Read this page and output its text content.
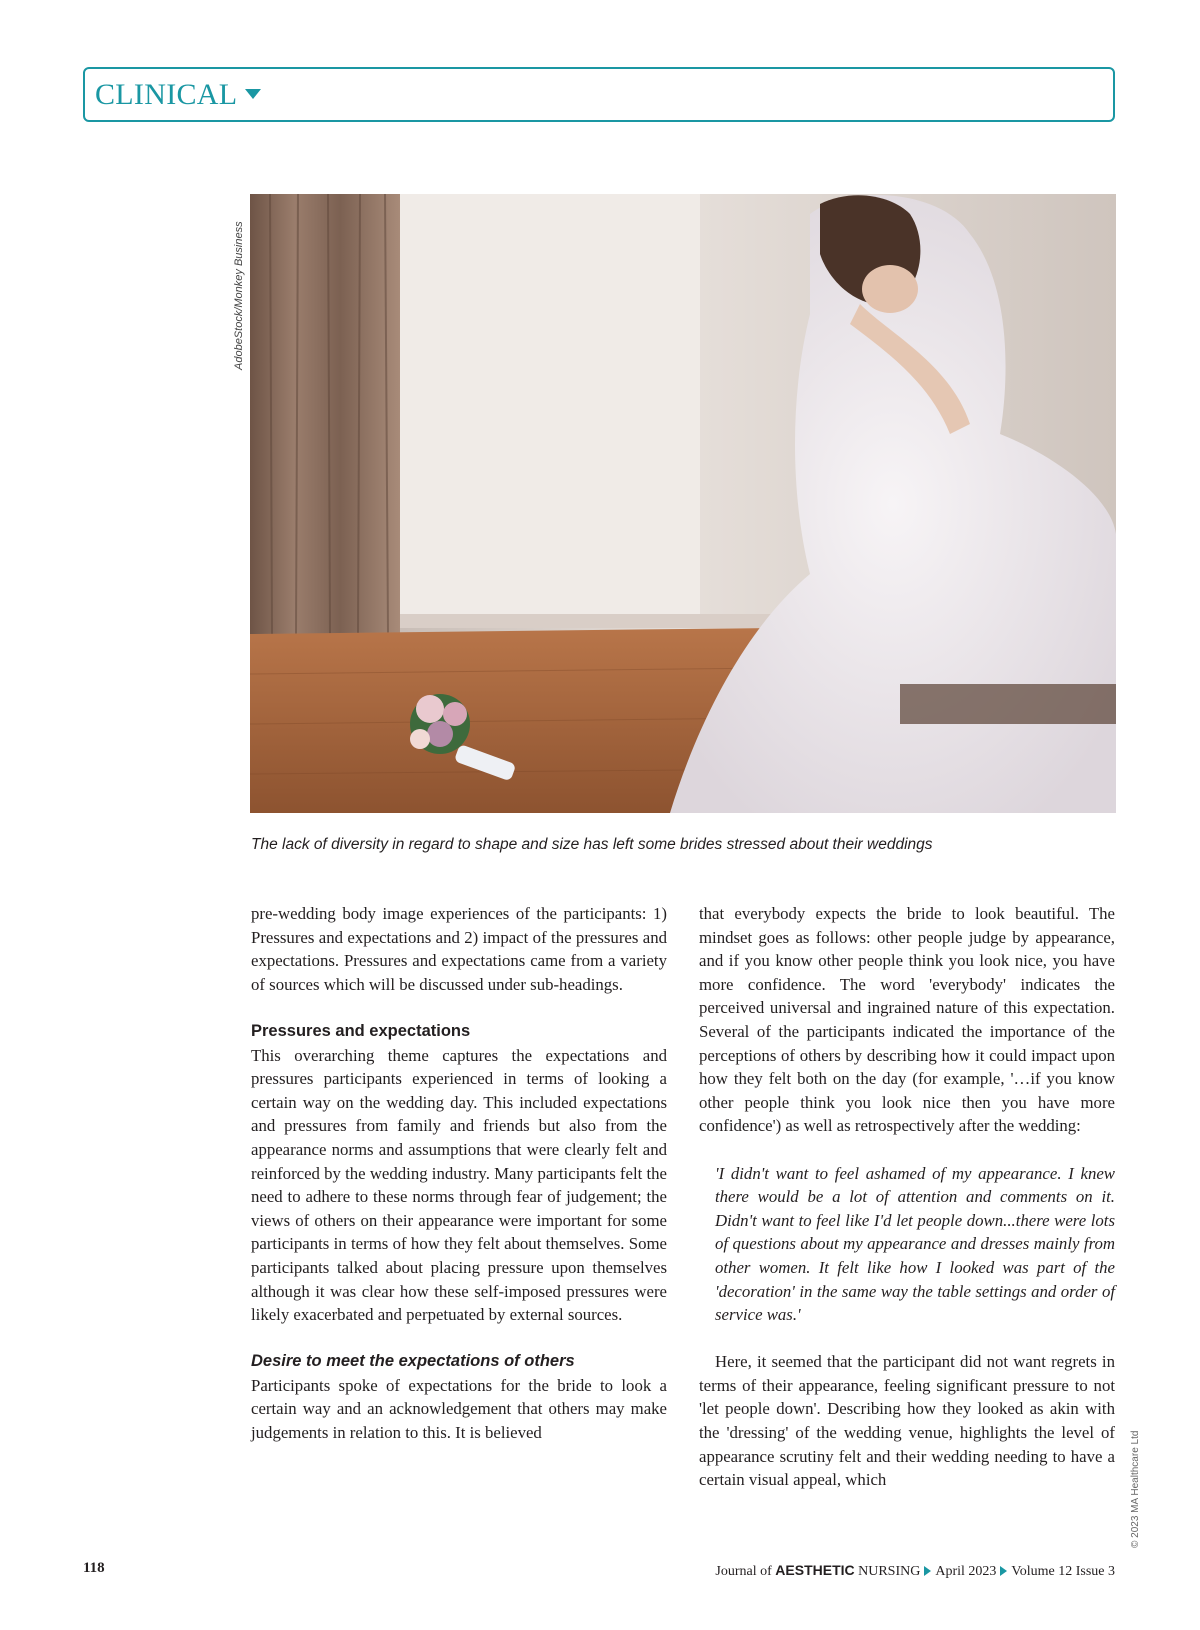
CLINICAL
AdobeStock/Monkey Business
The lack of diversity in regard to shape and size has left some brides stressed about their weddings

pre-wedding body image experiences of the participants: 1) Pressures and expectations and 2) impact of the pressures and expectations. Pressures and expectations came from a variety of sources which will be discussed under sub-headings.

Pressures and expectations

This overarching theme captures the expectations and pressures participants experienced in terms of looking a certain way on the wedding day. This included expectations and pressures from family and friends but also from the appearance norms and assumptions that were clearly felt and reinforced by the wedding industry. Many participants felt the need to adhere to these norms through fear of judgement; the views of others on their appearance were important for some participants in terms of how they felt about themselves. Some participants talked about placing pressure upon themselves although it was clear how these self-imposed pressures were likely exacerbated and perpetuated by external sources.

Desire to meet the expectations of others

Participants spoke of expectations for the bride to look a certain way and an acknowledgement that others may make judgements in relation to this. It is believed

that everybody expects the bride to look beautiful. The mindset goes as follows: other people judge by appearance, and if you know other people think you look nice, you have more confidence. The word 'everybody' indicates the perceived universal and ingrained nature of this expectation. Several of the participants indicated the importance of the perceptions of others by describing how it could impact upon how they felt both on the day (for example, '…if you know other people think you look nice then you have more confidence') as well as retrospectively after the wedding:

'I didn't want to feel ashamed of my appearance. I knew there would be a lot of attention and comments on it. Didn't want to feel like I'd let people down...there were lots of questions about my appearance and dresses mainly from other women. It felt like how I looked was part of the 'decoration' in the same way the table settings and order of service was.'

Here, it seemed that the participant did not want regrets in terms of their appearance, feeling significant pressure to not 'let people down'. Describing how they looked as akin with the 'dressing' of the wedding venue, highlights the level of appearance scrutiny felt and their wedding needing to have a certain visual appeal, which	© 2023 MA Healthcare Ltd
118	Journal of AESTHETIC NURSING April 2023 Volume 12 Issue 3
